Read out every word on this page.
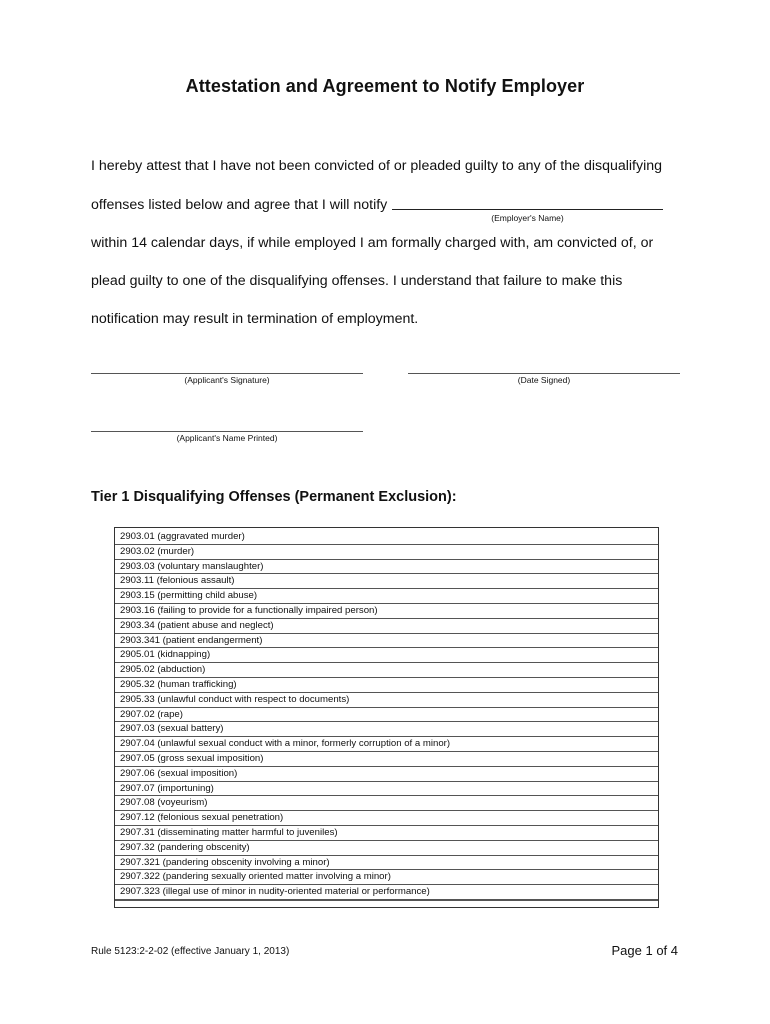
Attestation and Agreement to Notify Employer
I hereby attest that I have not been convicted of or pleaded guilty to any of the disqualifying
offenses listed below and agree that I will notify
(Employer's Name)
within 14 calendar days, if while employed I am formally charged with, am convicted of, or
plead guilty to one of the disqualifying offenses. I understand that failure to make this
notification may result in termination of employment.
(Applicant's Signature)	(Date Signed)
(Applicant's Name Printed)
Tier 1 Disqualifying Offenses (Permanent Exclusion):
2903.01 (aggravated murder)
2903.02 (murder)
2903.03 (voluntary manslaughter)
2903.11 (felonious assault)
2903.15 (permitting child abuse)
2903.16 (failing to provide for a functionally impaired person)
2903.34 (patient abuse and neglect)
2903.341 (patient endangerment)
2905.01 (kidnapping)
2905.02 (abduction)
2905.32 (human trafficking)
2905.33 (unlawful conduct with respect to documents)
2907.02 (rape)
2907.03 (sexual battery)
2907.04 (unlawful sexual conduct with a minor, formerly corruption of a minor)
2907.05 (gross sexual imposition)
2907.06 (sexual imposition)
2907.07 (importuning)
2907.08 (voyeurism)
2907.12 (felonious sexual penetration)
2907.31 (disseminating matter harmful to juveniles)
2907.32 (pandering obscenity)
2907.321 (pandering obscenity involving a minor)
2907.322 (pandering sexually oriented matter involving a minor)
2907.323 (illegal use of minor in nudity-oriented material or performance)
Rule 5123:2-2-02 (effective January 1, 2013)	Page 1 of 4
